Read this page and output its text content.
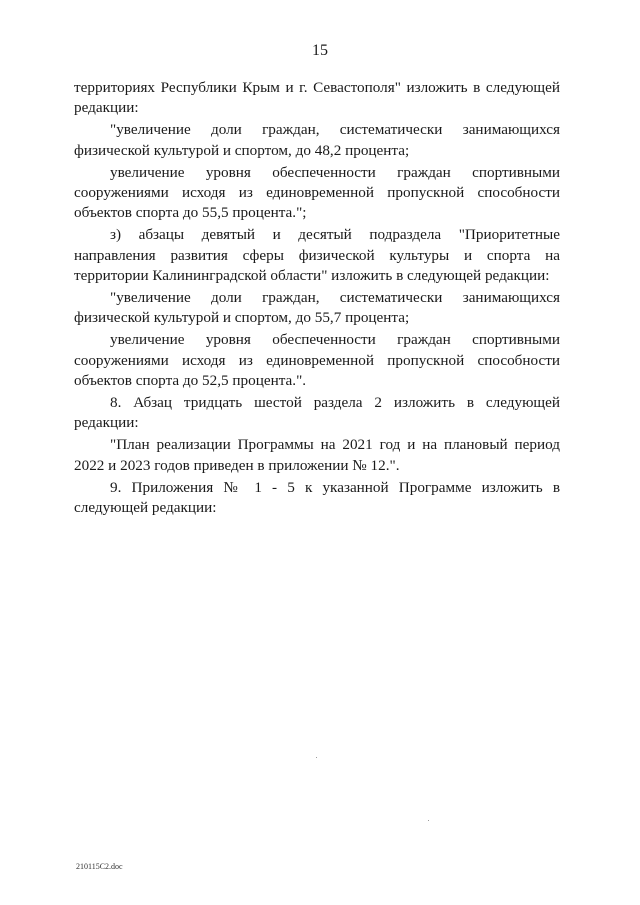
15

территориях Республики Крым и г. Севастополя" изложить в следующей редакции:

"увеличение доли граждан, систематически занимающихся физической культурой и спортом, до 48,2 процента;

увеличение уровня обеспеченности граждан спортивными сооружениями исходя из единовременной пропускной способности объектов спорта до 55,5 процента.";

з) абзацы девятый и десятый подраздела "Приоритетные направления развития сферы физической культуры и спорта на территории Калининградской области" изложить в следующей редакции:

"увеличение доли граждан, систематически занимающихся физической культурой и спортом, до 55,7 процента;

увеличение уровня обеспеченности граждан спортивными сооружениями исходя из единовременной пропускной способности объектов спорта до 52,5 процента.".

8. Абзац тридцать шестой раздела 2 изложить в следующей редакции:

"План реализации Программы на 2021 год и на плановый период 2022 и 2023 годов приведен в приложении № 12.".

9. Приложения № 1 - 5 к указанной Программе изложить в следующей редакции:

210115C2.doc
